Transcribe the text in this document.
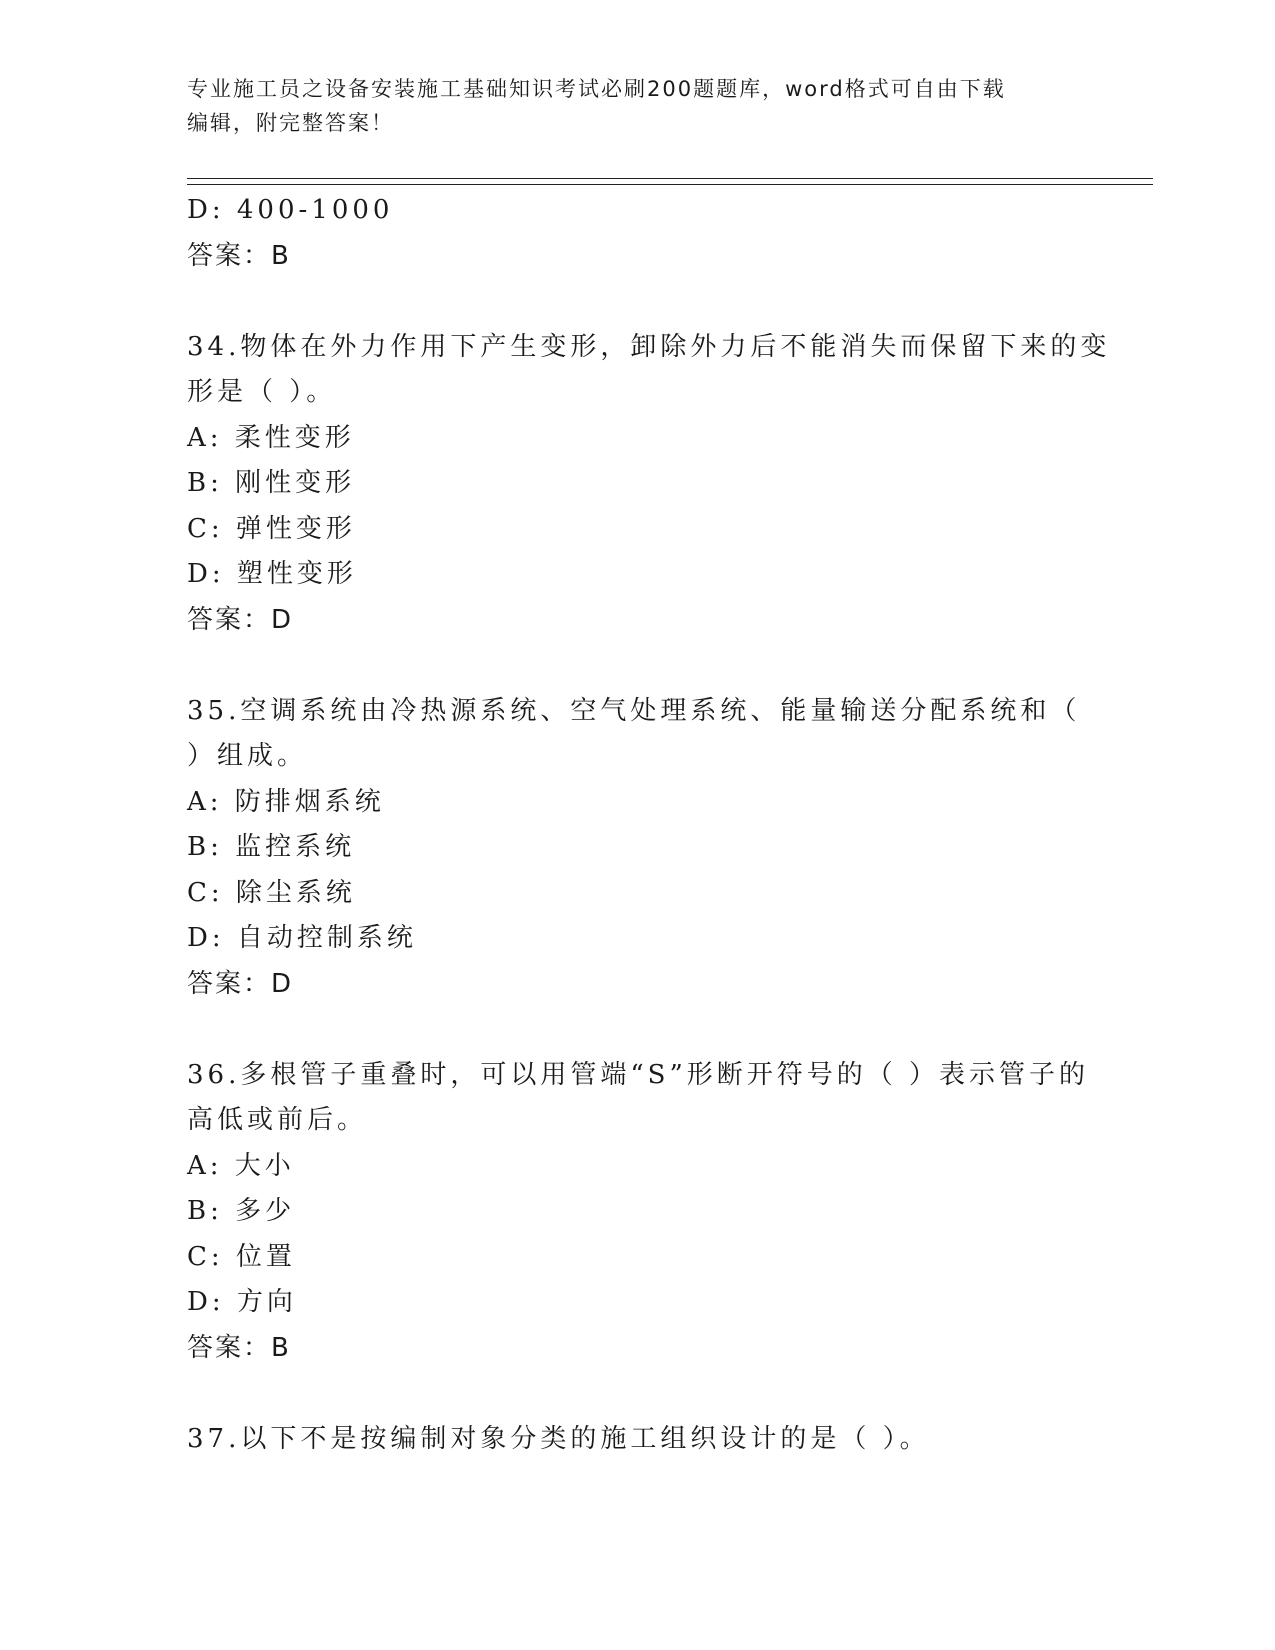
专业施工员之设备安装施工基础知识考试必刷200题题库，word格式可自由下载
编辑，附完整答案！
D: 400-1000
答案：B
34.物体在外力作用下产生变形，卸除外力后不能消失而保留下来的变
形是（ ）。
A: 柔性变形
B: 刚性变形
C: 弹性变形
D: 塑性变形
答案：D
35.空调系统由冷热源系统、空气处理系统、能量输送分配系统和（
）组成。
A: 防排烟系统
B: 监控系统
C: 除尘系统
D: 自动控制系统
答案：D
36.多根管子重叠时，可以用管端“S”形断开符号的（ ）表示管子的
高低或前后。
A: 大小
B: 多少
C: 位置
D: 方向
答案：B
37.以下不是按编制对象分类的施工组织设计的是（ ）。
